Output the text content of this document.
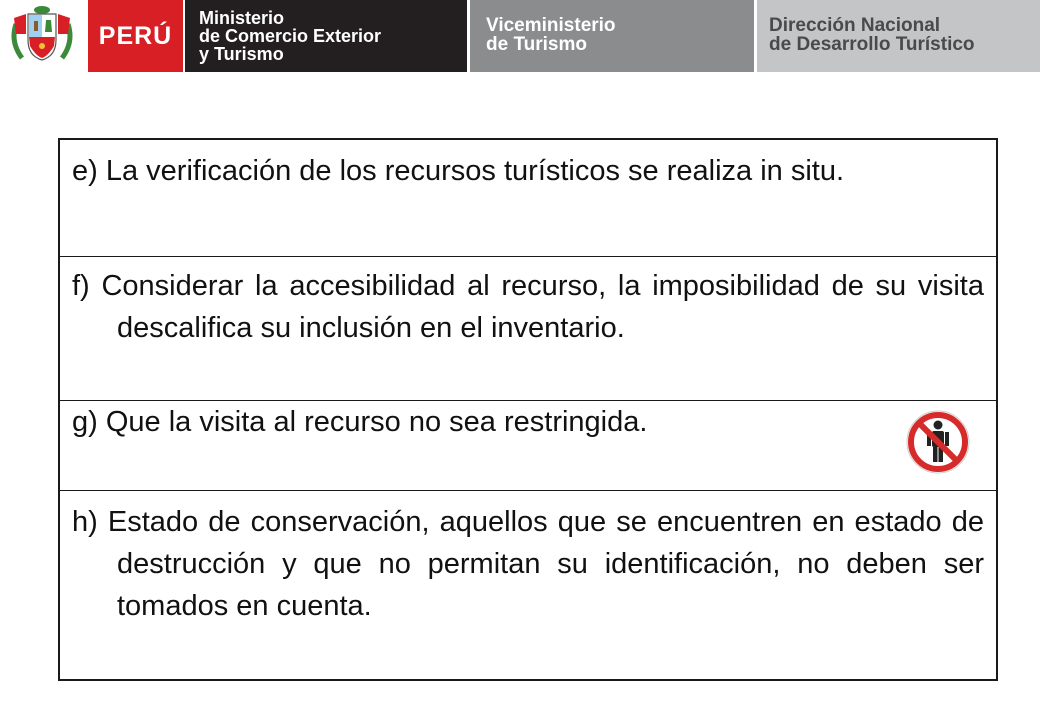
PERÚ
Ministerio
de Comercio Exterior
y Turismo
Viceministerio
de Turismo
Dirección Nacional
de Desarrollo Turístico

e) La verificación de los recursos turísticos se realiza in situ.

f) Considerar la accesibilidad al recurso, la imposibilidad de su visita descalifica su inclusión en el inventario.

g) Que la visita al recurso no sea restringida.

h) Estado de conservación, aquellos que se encuentren en estado de destrucción y que no permitan su identificación, no deben ser tomados en cuenta.
